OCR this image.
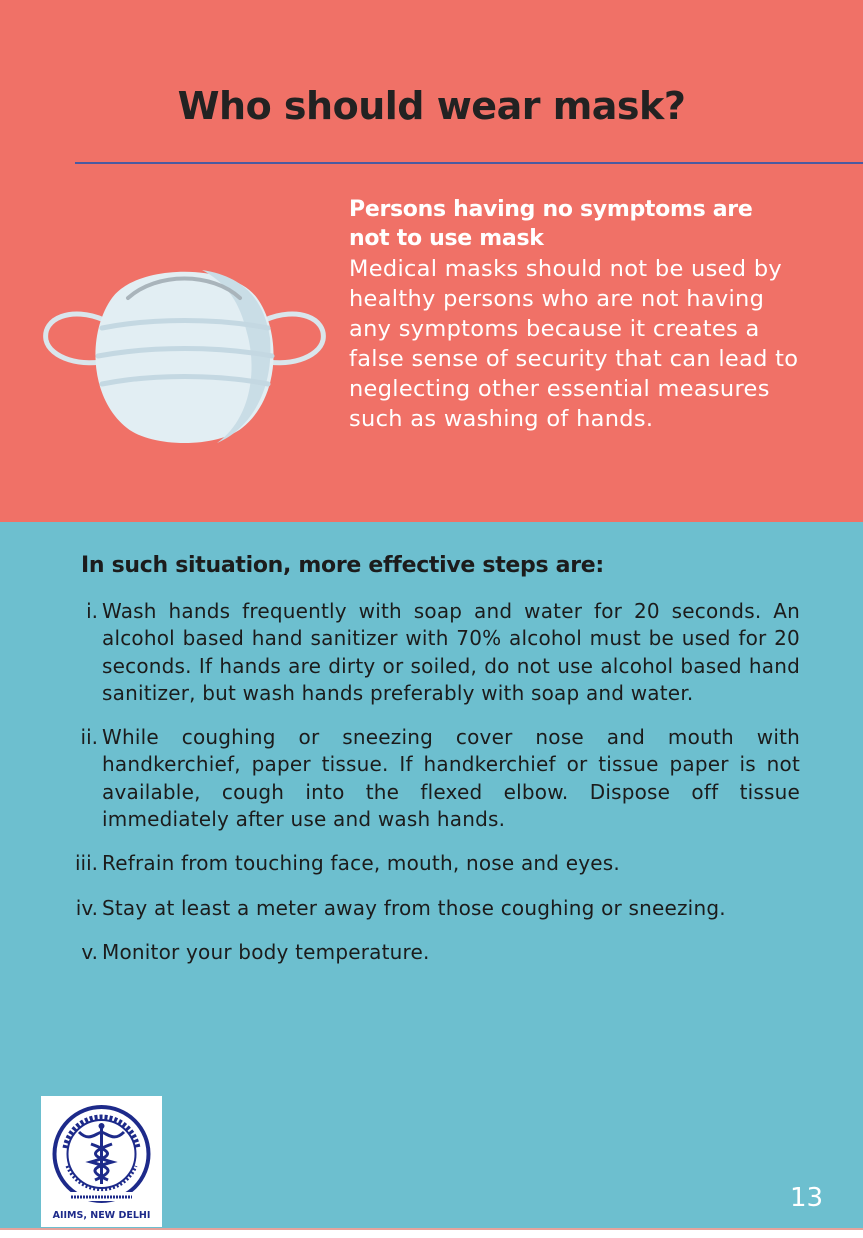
Who should wear mask?
Persons having no symptoms are not to use mask
Medical masks should not be used by healthy persons who are not having any symptoms because it creates a false sense of security that can lead to neglecting other essential measures such as washing of hands.
In such situation, more effective steps are:
i. Wash hands frequently with soap and water for 20 seconds. An alcohol based hand sanitizer with 70% alcohol must be used for 20 seconds. If hands are dirty or soiled, do not use alcohol based hand sanitizer, but wash hands preferably with soap and water.
ii. While coughing or sneezing cover nose and mouth with handkerchief, paper tissue. If handkerchief or tissue paper is not available, cough into the flexed elbow. Dispose off tissue immediately after use and wash hands.
iii. Refrain from touching face, mouth, nose and eyes.
iv. Stay at least a meter away from those coughing or sneezing.
v. Monitor your body temperature.
AIIMS, NEW DELHI
13
